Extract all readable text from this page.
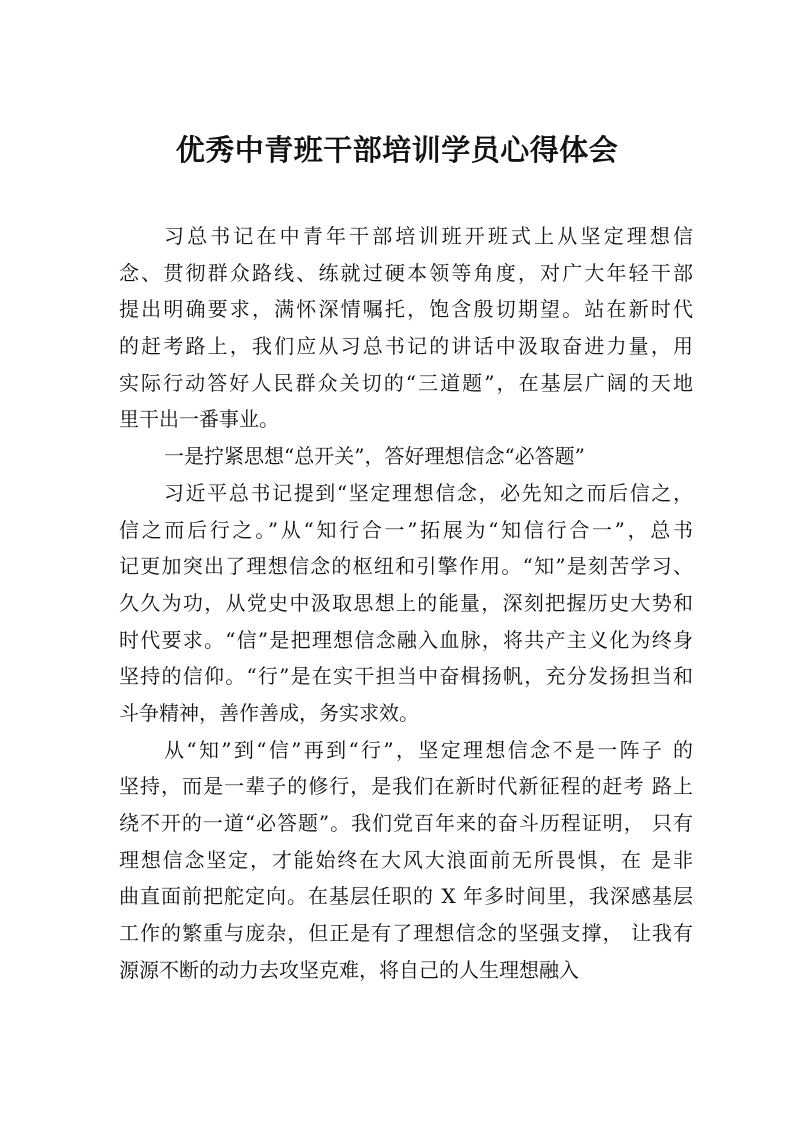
优秀中青班干部培训学员心得体会
习总书记在中青年干部培训班开班式上从坚定理想信
念、贯彻群众路线、练就过硬本领等角度，对广大年轻干部
提出明确要求，满怀深情嘱托，饱含殷切期望。站在新时代
的赶考路上，我们应从习总书记的讲话中汲取奋进力量，用
实际行动答好人民群众关切的“三道题”，在基层广阔的天地
里干出一番事业。
一是拧紧思想“总开关”，答好理想信念“必答题”
习近平总书记提到“坚定理想信念，必先知之而后信之，
信之而后行之。”从“知行合一”拓展为“知信行合一”，总书
记更加突出了理想信念的枢纽和引擎作用。“知”是刻苦学习、
久久为功，从党史中汲取思想上的能量，深刻把握历史大势和
时代要求。“信”是把理想信念融入血脉，将共产主义化为终身
坚持的信仰。“行”是在实干担当中奋楫扬帆，充分发扬担当和
斗争精神，善作善成，务实求效。
从“知”到“信”再到“行”，坚定理想信念不是一阵子 的
坚持，而是一辈子的修行，是我们在新时代新征程的赶考 路上
绕不开的一道“必答题”。我们党百年来的奋斗历程证明， 只有
理想信念坚定，才能始终在大风大浪面前无所畏惧，在 是非
曲直面前把舵定向。在基层任职的 X 年多时间里，我深感基层
工作的繁重与庞杂，但正是有了理想信念的坚强支撑， 让我有
源源不断的动力去攻坚克难，将自己的人生理想融入
